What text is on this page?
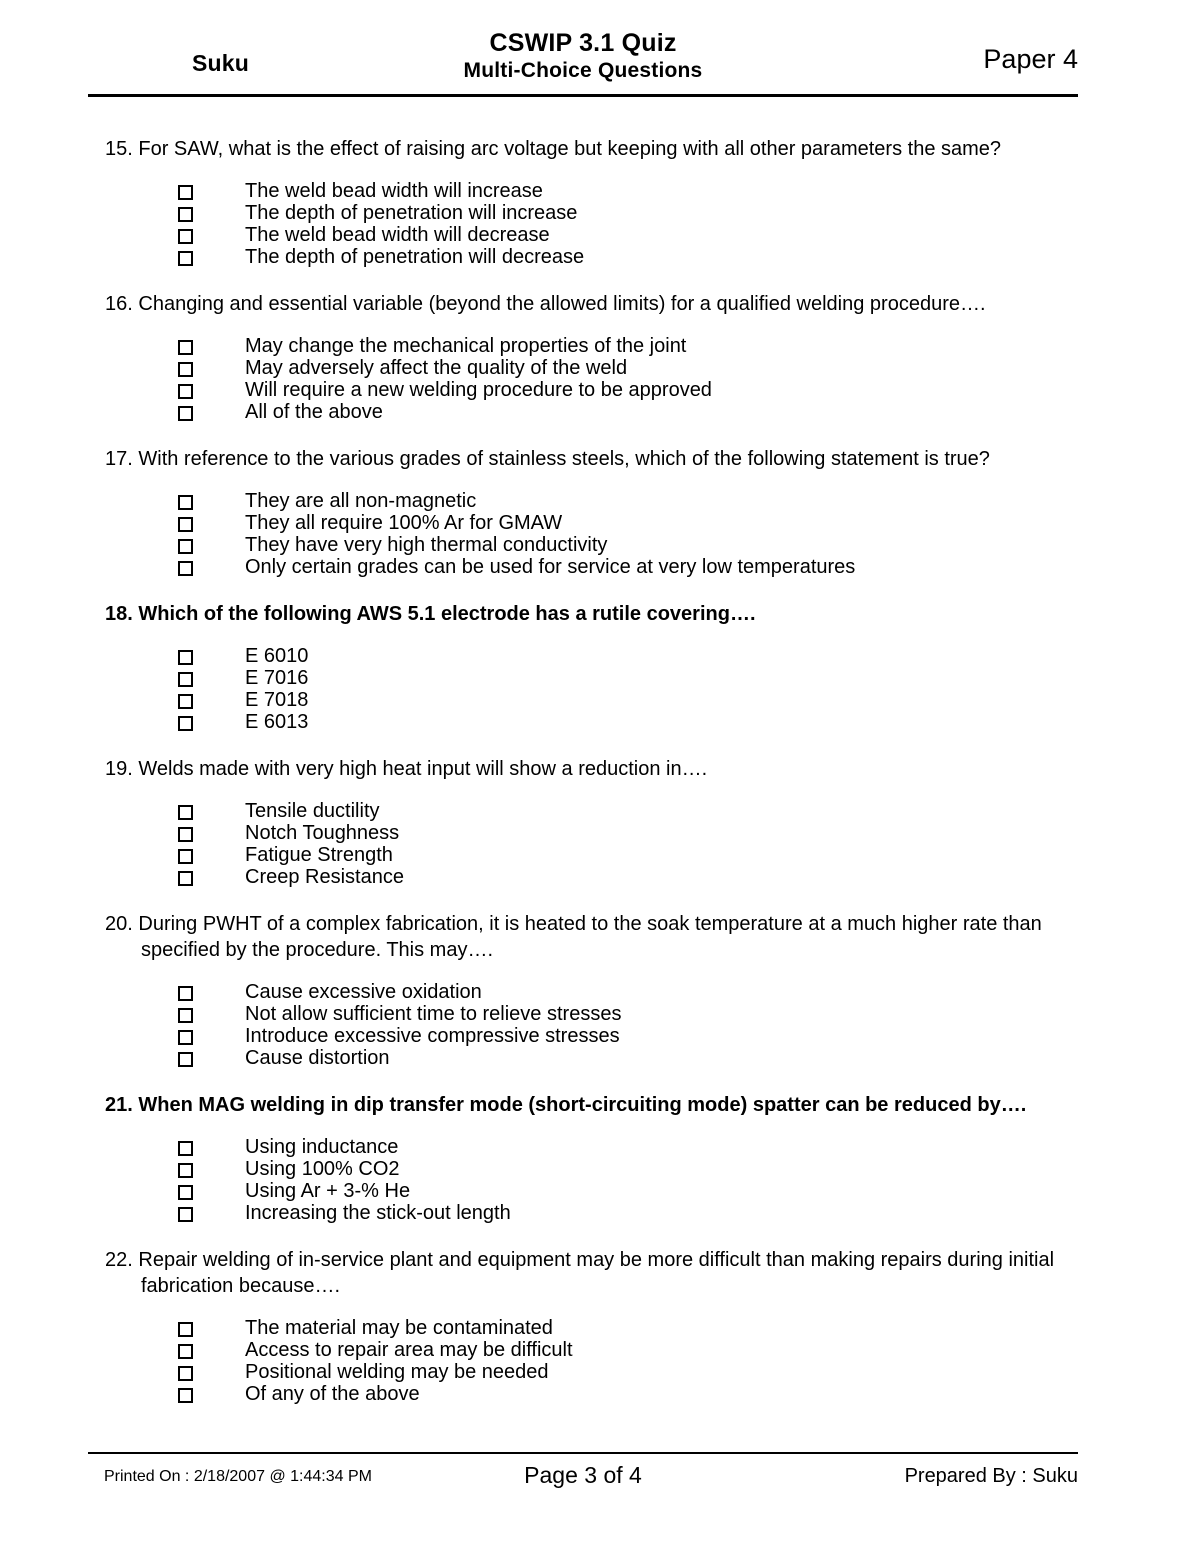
Suku
CSWIP 3.1 Quiz
Multi-Choice Questions	Paper 4
15. For SAW, what is the effect of raising arc voltage but keeping with all other parameters the same?
The weld bead width will increase
The depth of penetration will increase
The weld bead width will decrease
The depth of penetration will decrease
16. Changing and essential variable (beyond the allowed limits) for a qualified welding procedure….
May change the mechanical properties of the joint
May adversely affect the quality of the weld
Will require a new welding procedure to be approved
All of the above
17. With reference to the various grades of stainless steels, which of the following statement is true?
They are all non-magnetic
They all require 100% Ar for GMAW
They have very high thermal conductivity
Only certain grades can be used for service at very low temperatures
18. Which of the following AWS 5.1 electrode has a rutile covering….
E 6010
E 7016
E 7018
E 6013
19. Welds made with very high heat input will show a reduction in….
Tensile ductility
Notch Toughness
Fatigue Strength
Creep Resistance
20. During PWHT of a complex fabrication, it is heated to the soak temperature at a much higher rate than specified by the procedure. This may….
Cause excessive oxidation
Not allow sufficient time to relieve stresses
Introduce excessive compressive stresses
Cause distortion
21. When MAG welding in dip transfer mode (short-circuiting mode) spatter can be reduced by….
Using inductance
Using 100% CO2
Using Ar + 3-% He
Increasing the stick-out length
22. Repair welding of in-service plant and equipment may be more difficult than making repairs during initial fabrication because….
The material may be contaminated
Access to repair area may be difficult
Positional welding may be needed
Of any of the above
Printed On : 2/18/2007 @ 1:44:34 PM	Page 3 of 4	Prepared By : Suku
